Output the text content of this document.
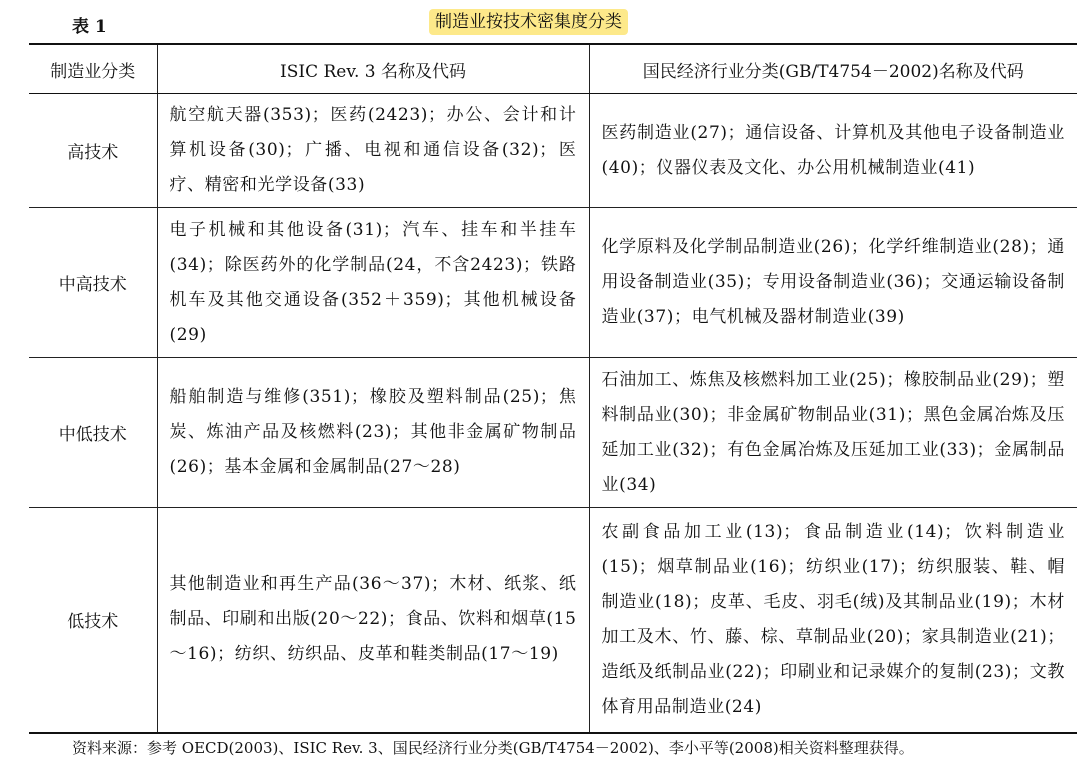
表 1	制造业按技术密集度分类
制造业分类	ISIC Rev. 3 名称及代码	国民经济行业分类(GB/T4754－2002)名称及代码
高技术	航空航天器(353)；医药(2423)；办公、会计和计算机设备(30)；广播、电视和通信设备(32)；医疗、精密和光学设备(33)	医药制造业(27)；通信设备、计算机及其他电子设备制造业(40)；仪器仪表及文化、办公用机械制造业(41)
中高技术	电子机械和其他设备(31)；汽车、挂车和半挂车(34)；除医药外的化学制品(24，不含2423)；铁路机车及其他交通设备(352＋359)；其他机械设备(29)	化学原料及化学制品制造业(26)；化学纤维制造业(28)；通用设备制造业(35)；专用设备制造业(36)；交通运输设备制造业(37)；电气机械及器材制造业(39)
中低技术	船舶制造与维修(351)；橡胶及塑料制品(25)；焦炭、炼油产品及核燃料(23)；其他非金属矿物制品(26)；基本金属和金属制品(27～28)	石油加工、炼焦及核燃料加工业(25)；橡胶制品业(29)；塑料制品业(30)；非金属矿物制品业(31)；黑色金属冶炼及压延加工业(32)；有色金属冶炼及压延加工业(33)；金属制品业(34)
低技术	其他制造业和再生产品(36～37)；木材、纸浆、纸制品、印刷和出版(20～22)；食品、饮料和烟草(15～16)；纺织、纺织品、皮革和鞋类制品(17～19)	农副食品加工业(13)；食品制造业(14)；饮料制造业(15)；烟草制品业(16)；纺织业(17)；纺织服装、鞋、帽制造业(18)；皮革、毛皮、羽毛(绒)及其制品业(19)；木材加工及木、竹、藤、棕、草制品业(20)；家具制造业(21)；造纸及纸制品业(22)；印刷业和记录媒介的复制(23)；文教体育用品制造业(24)
资料来源：参考 OECD(2003)、ISIC Rev. 3、国民经济行业分类(GB/T4754－2002)、李小平等(2008)相关资料整理获得。
